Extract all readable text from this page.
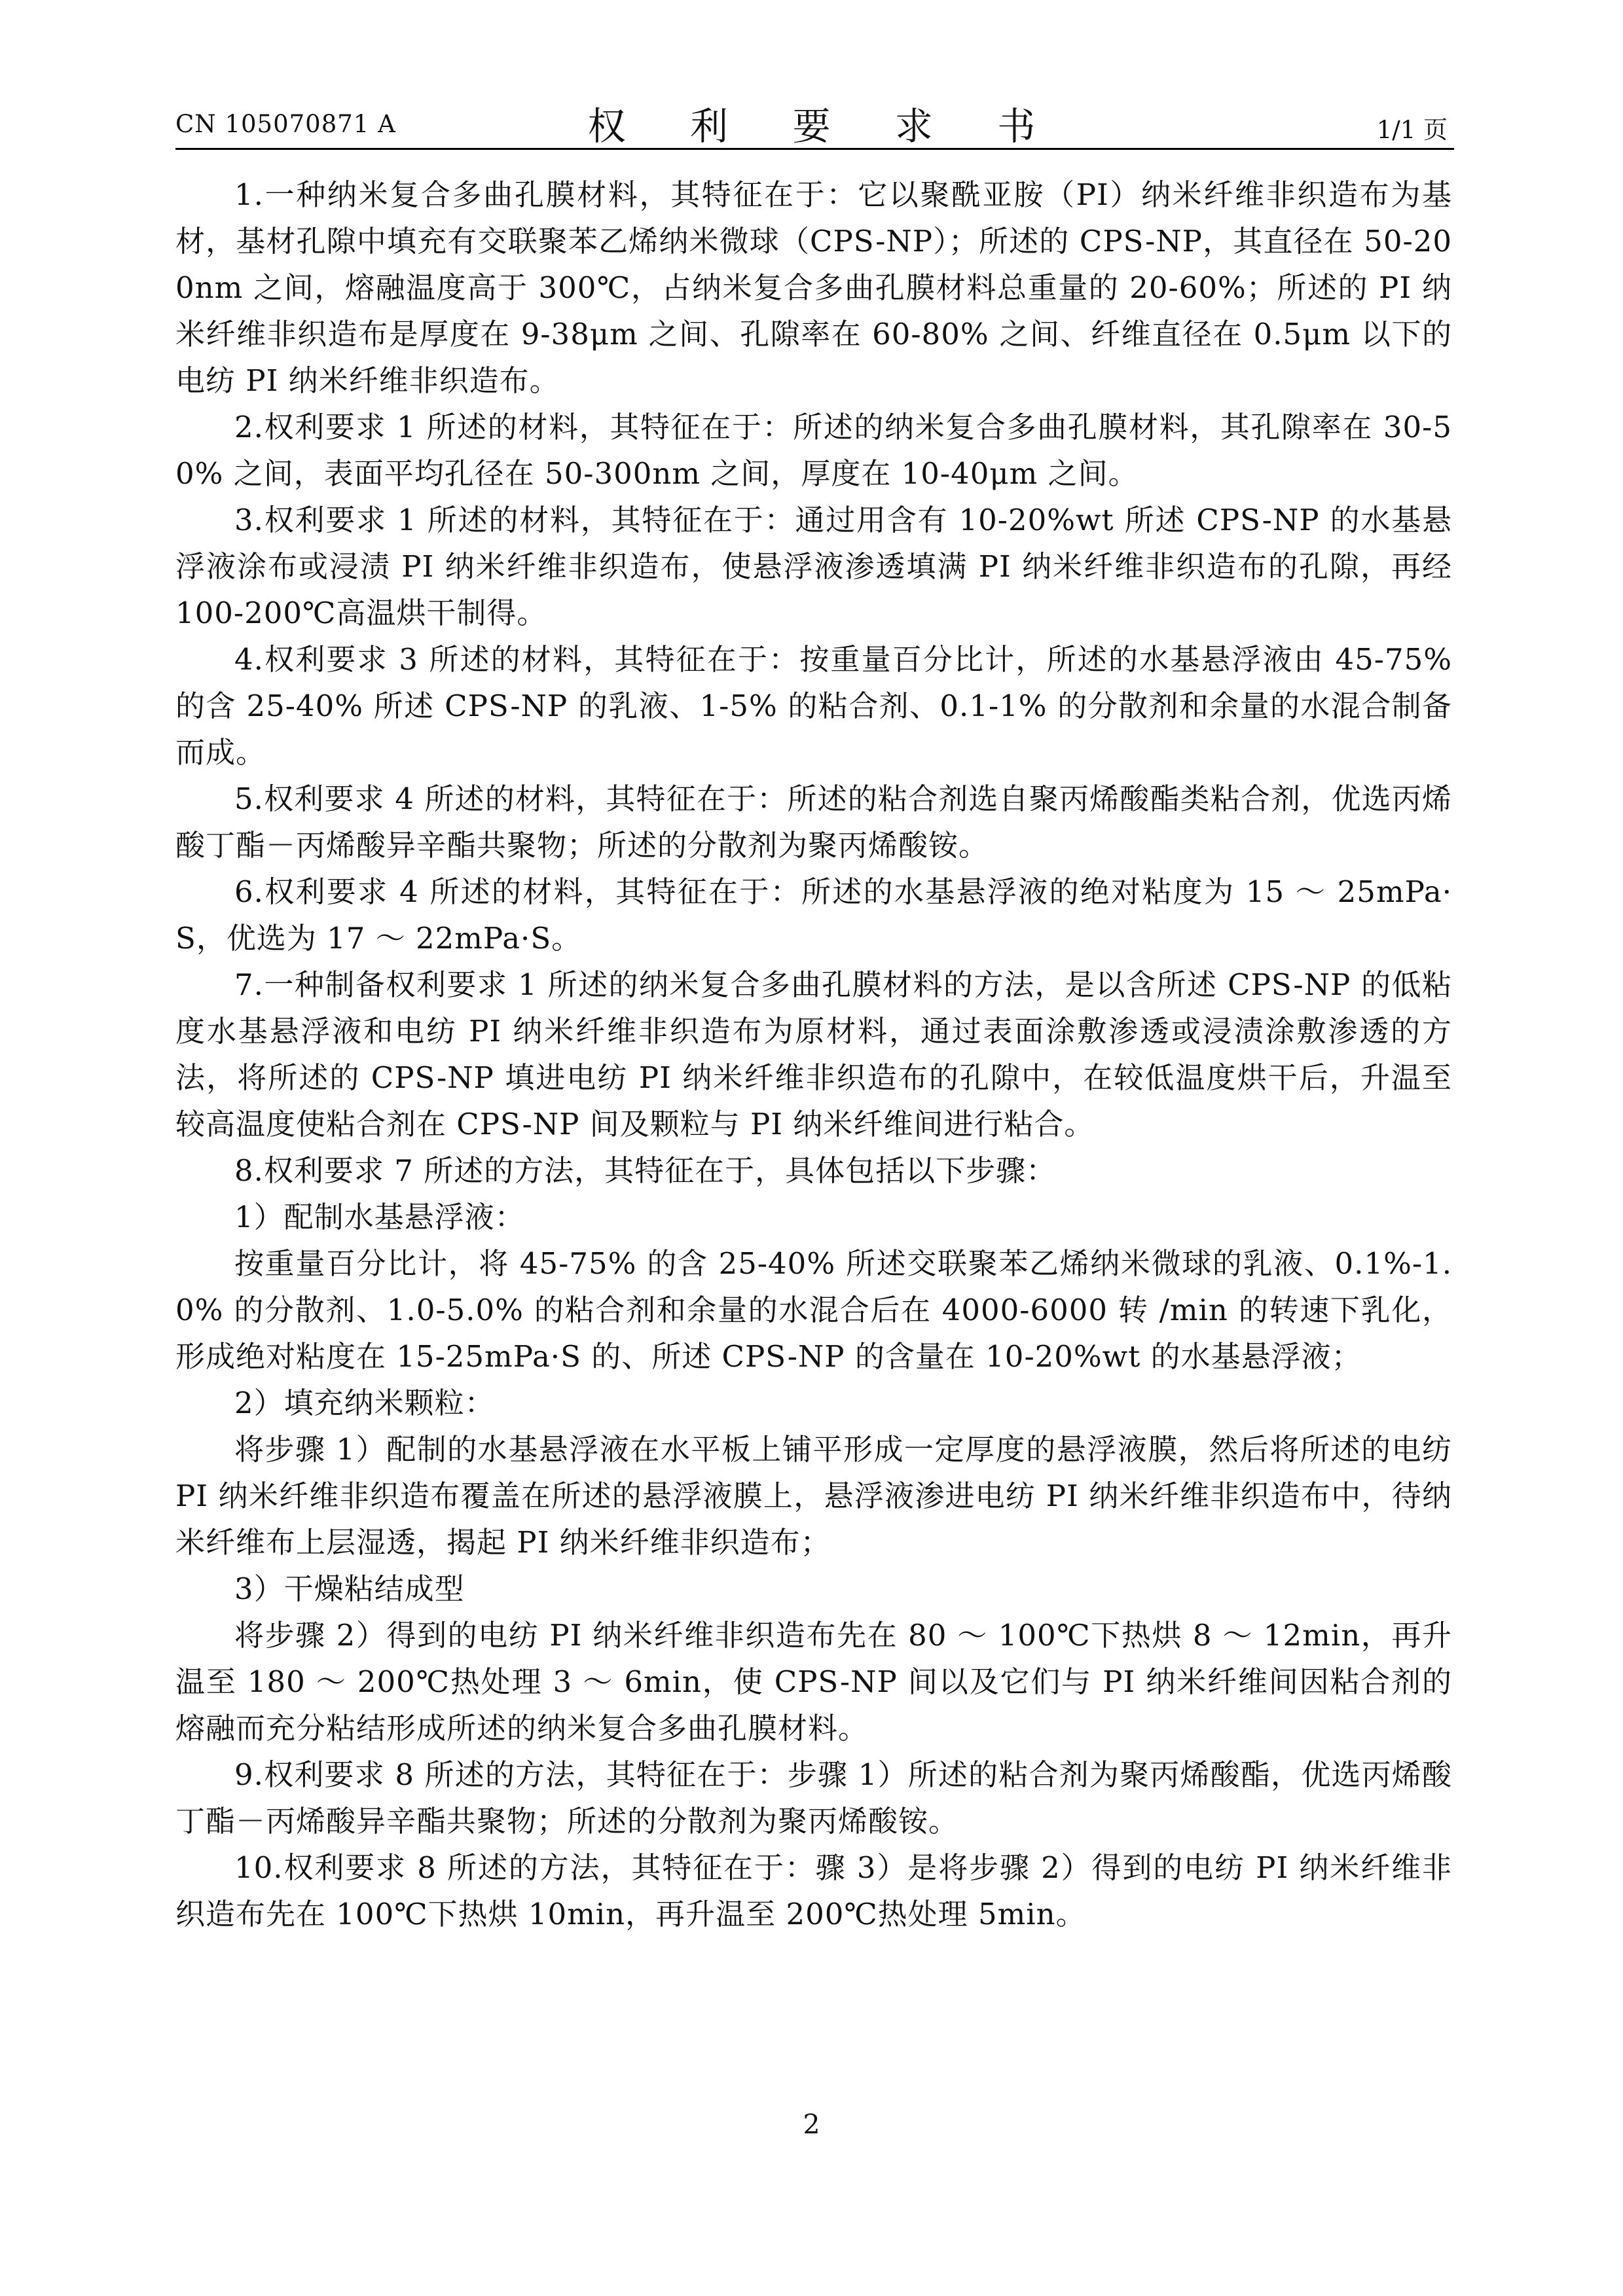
CN 105070871 A	权 利 要 求 书	1/1 页

1.一种纳米复合多曲孔膜材料，其特征在于：它以聚酰亚胺（PI）纳米纤维非织造布为基材，基材孔隙中填充有交联聚苯乙烯纳米微球（CPS-NP）；所述的 CPS-NP，其直径在 50-200nm 之间，熔融温度高于 300℃，占纳米复合多曲孔膜材料总重量的 20-60%；所述的 PI 纳米纤维非织造布是厚度在 9-38μm 之间、孔隙率在 60-80% 之间、纤维直径在 0.5μm 以下的电纺 PI 纳米纤维非织造布。

2.权利要求 1 所述的材料，其特征在于：所述的纳米复合多曲孔膜材料，其孔隙率在 30-50% 之间，表面平均孔径在 50-300nm 之间，厚度在 10-40μm 之间。

3.权利要求 1 所述的材料，其特征在于：通过用含有 10-20%wt 所述 CPS-NP 的水基悬浮液涂布或浸渍 PI 纳米纤维非织造布，使悬浮液渗透填满 PI 纳米纤维非织造布的孔隙，再经 100-200℃高温烘干制得。

4.权利要求 3 所述的材料，其特征在于：按重量百分比计，所述的水基悬浮液由 45-75% 的含 25-40% 所述 CPS-NP 的乳液、1-5% 的粘合剂、0.1-1% 的分散剂和余量的水混合制备而成。

5.权利要求 4 所述的材料，其特征在于：所述的粘合剂选自聚丙烯酸酯类粘合剂，优选丙烯酸丁酯－丙烯酸异辛酯共聚物；所述的分散剂为聚丙烯酸铵。

6.权利要求 4 所述的材料，其特征在于：所述的水基悬浮液的绝对粘度为 15 ～ 25mPa·S，优选为 17 ～ 22mPa·S。

7.一种制备权利要求 1 所述的纳米复合多曲孔膜材料的方法，是以含所述 CPS-NP 的低粘度水基悬浮液和电纺 PI 纳米纤维非织造布为原材料，通过表面涂敷渗透或浸渍涂敷渗透的方法，将所述的 CPS-NP 填进电纺 PI 纳米纤维非织造布的孔隙中，在较低温度烘干后，升温至较高温度使粘合剂在 CPS-NP 间及颗粒与 PI 纳米纤维间进行粘合。

8.权利要求 7 所述的方法，其特征在于，具体包括以下步骤：

1）配制水基悬浮液：

按重量百分比计，将 45-75% 的含 25-40% 所述交联聚苯乙烯纳米微球的乳液、0.1%-1.0% 的分散剂、1.0-5.0% 的粘合剂和余量的水混合后在 4000-6000 转 /min 的转速下乳化，形成绝对粘度在 15-25mPa·S 的、所述 CPS-NP 的含量在 10-20%wt 的水基悬浮液；

2）填充纳米颗粒：

将步骤 1）配制的水基悬浮液在水平板上铺平形成一定厚度的悬浮液膜，然后将所述的电纺 PI 纳米纤维非织造布覆盖在所述的悬浮液膜上，悬浮液渗进电纺 PI 纳米纤维非织造布中，待纳米纤维布上层湿透，揭起 PI 纳米纤维非织造布；

3）干燥粘结成型

将步骤 2）得到的电纺 PI 纳米纤维非织造布先在 80 ～ 100℃下热烘 8 ～ 12min，再升温至 180 ～ 200℃热处理 3 ～ 6min，使 CPS-NP 间以及它们与 PI 纳米纤维间因粘合剂的熔融而充分粘结形成所述的纳米复合多曲孔膜材料。

9.权利要求 8 所述的方法，其特征在于：步骤 1）所述的粘合剂为聚丙烯酸酯，优选丙烯酸丁酯－丙烯酸异辛酯共聚物；所述的分散剂为聚丙烯酸铵。

10.权利要求 8 所述的方法，其特征在于：骤 3）是将步骤 2）得到的电纺 PI 纳米纤维非织造布先在 100℃下热烘 10min，再升温至 200℃热处理 5min。

2
